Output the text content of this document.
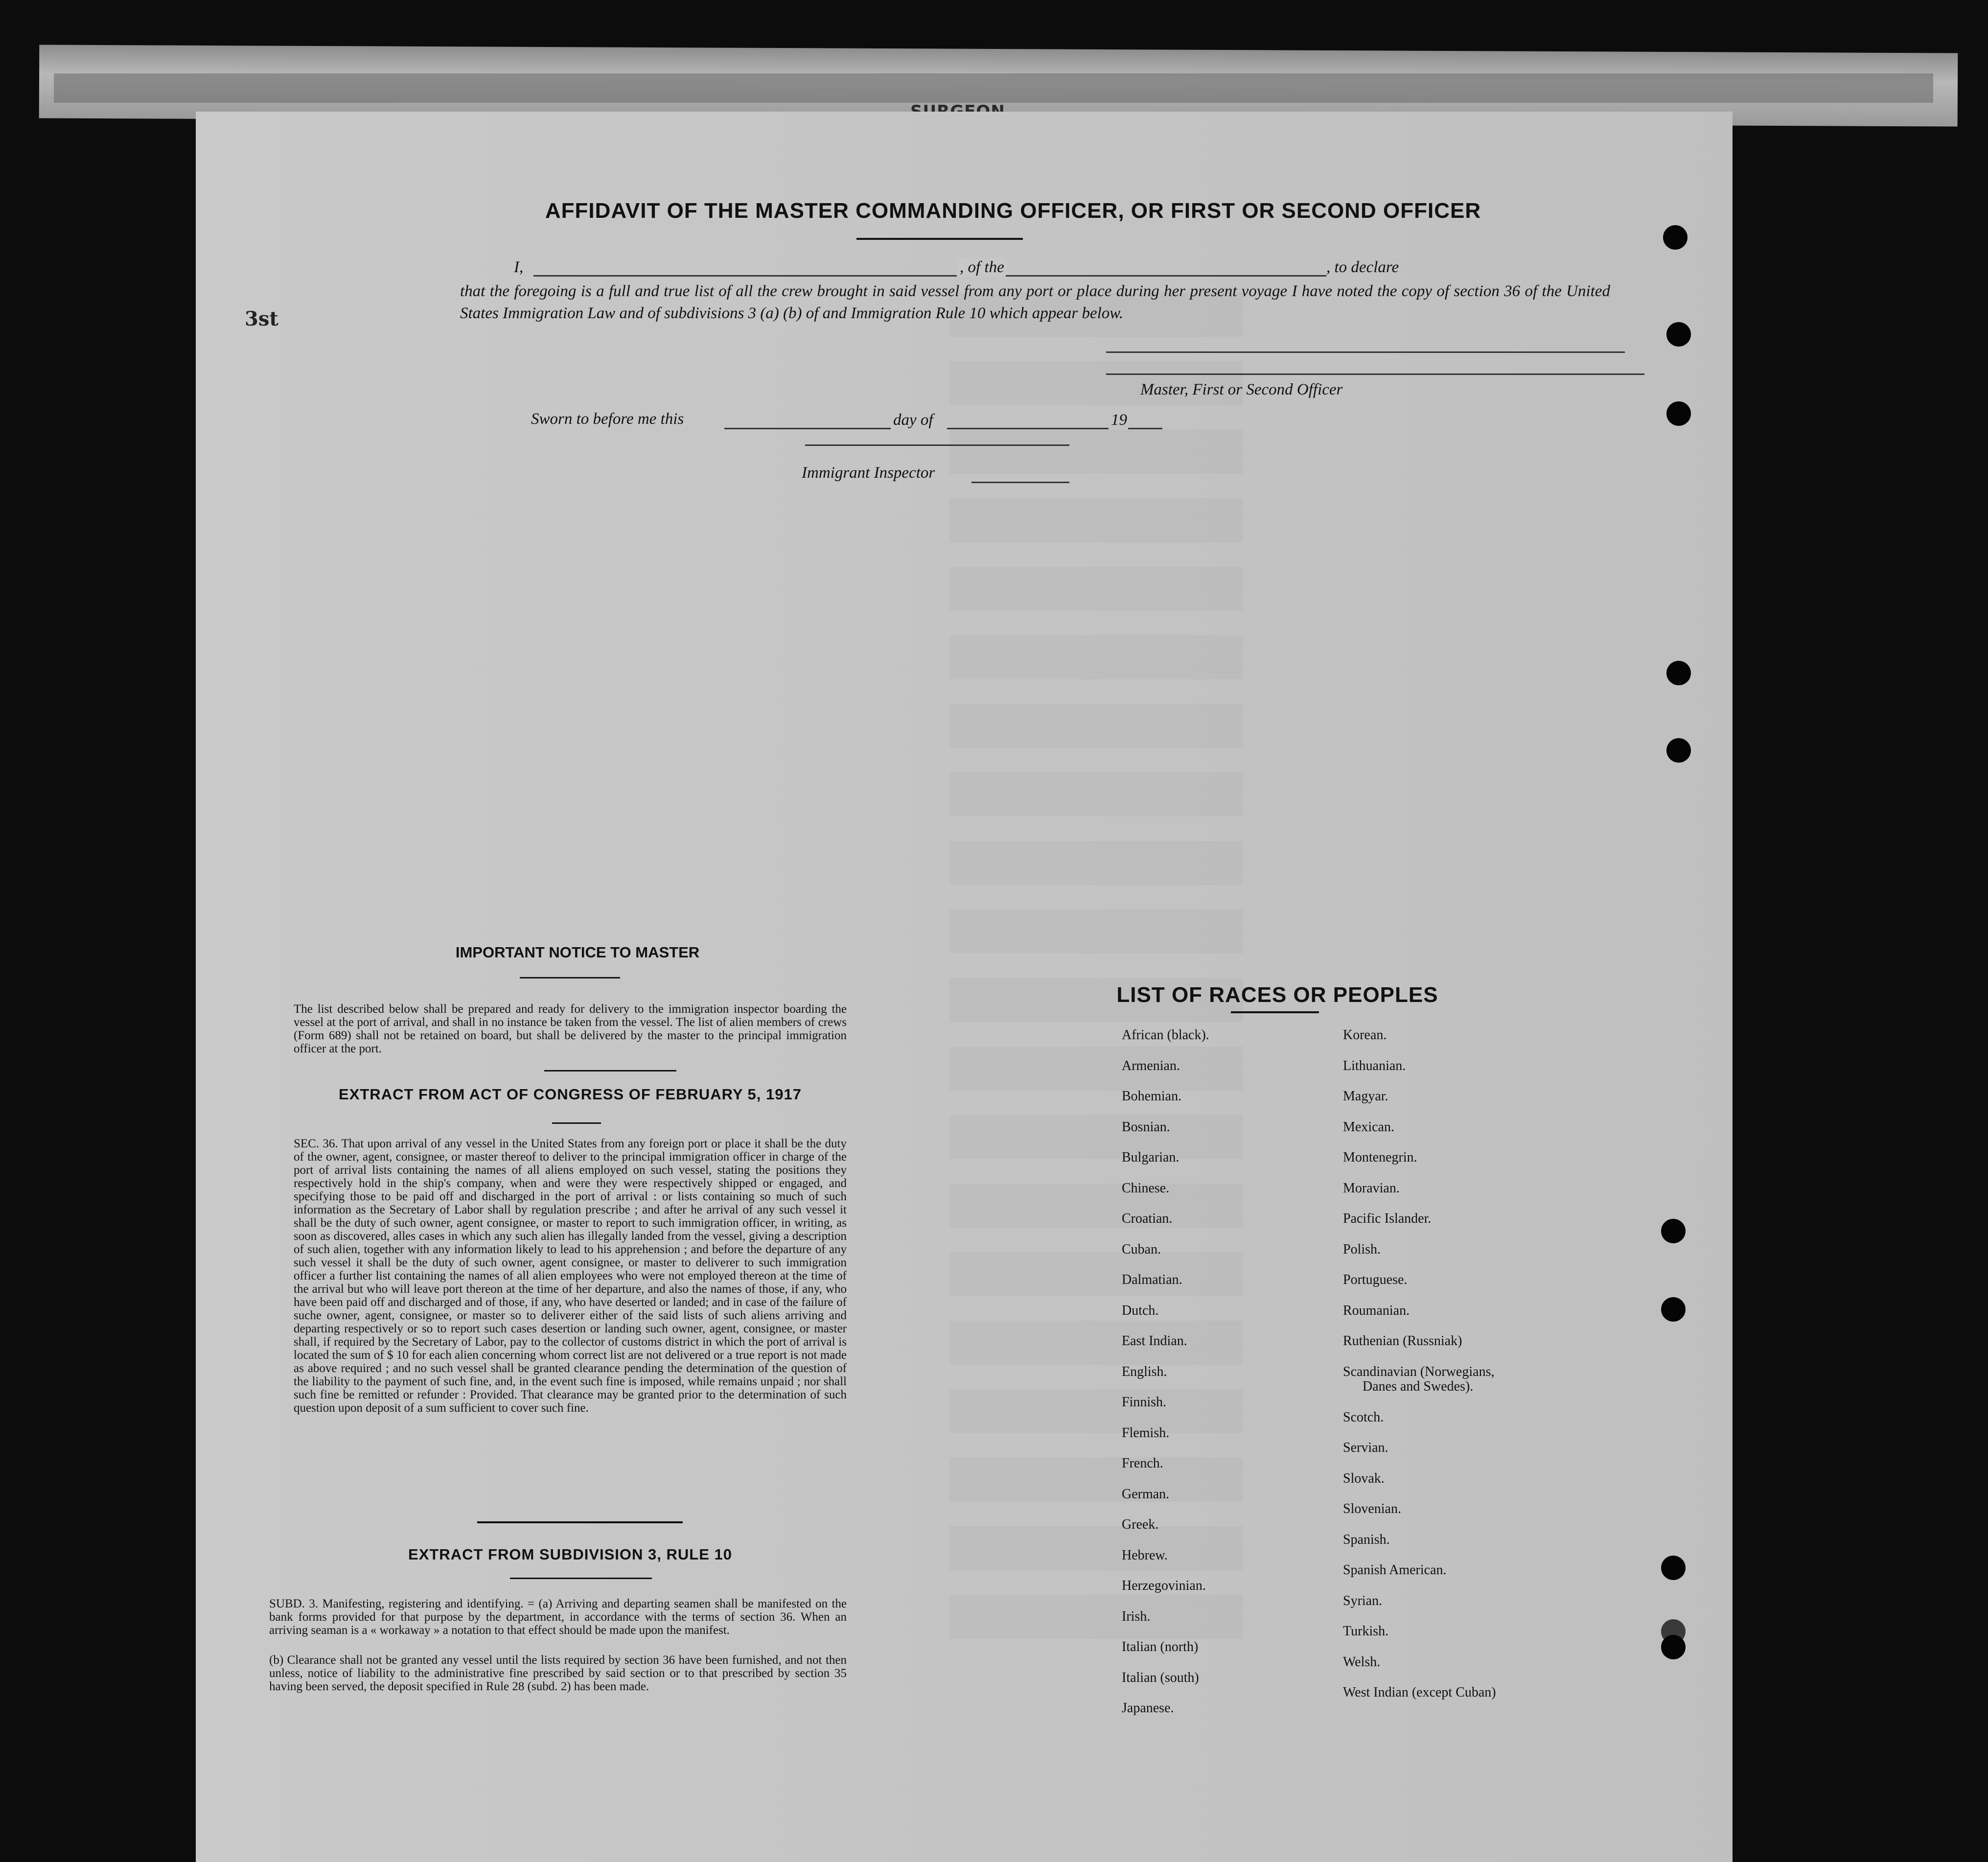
3st
AFFIDAVIT OF THE MASTER COMMANDING OFFICER, OR FIRST OR SECOND OFFICER
I,	, of the	, to declare
that the foregoing is a full and true list of all the crew brought in said vessel from any port or place during her present voyage I have noted the copy of section 36 of the United States Immigration Law and of subdivisions 3 (a) (b) of and Immigration Rule 10 which appear below.
Master, First or Second Officer
Sworn to before me this	day of	19
Immigrant Inspector
IMPORTANT NOTICE TO MASTER
The list described below shall be prepared and ready for delivery to the immigration inspector boarding the vessel at the port of arrival, and shall in no instance be taken from the vessel. The list of alien members of crews (Form 689) shall not be retained on board, but shall be delivered by the master to the principal immigration officer at the port.
EXTRACT FROM ACT OF CONGRESS OF FEBRUARY 5, 1917
SEC. 36. That upon arrival of any vessel in the United States from any foreign port or place it shall be the duty of the owner, agent, consignee, or master thereof to deliver to the principal immigration officer in charge of the port of arrival lists containing the names of all aliens employed on such vessel, stating the positions they respectively hold in the ship's company, when and were they were respectively shipped or engaged, and specifying those to be paid off and discharged in the port of arrival : or lists containing so much of such information as the Secretary of Labor shall by regulation prescribe ; and after he arrival of any such vessel it shall be the duty of such owner, agent consignee, or master to report to such immigration officer, in writing, as soon as discovered, alles cases in which any such alien has illegally landed from the vessel, giving a description of such alien, together with any information likely to lead to his apprehension ; and before the departure of any such vessel it shall be the duty of such owner, agent consignee, or master to deliverer to such immigration officer a further list containing the names of all alien employees who were not employed thereon at the time of the arrival but who will leave port thereon at the time of her departure, and also the names of those, if any, who have been paid off and discharged and of those, if any, who have deserted or landed; and in case of the failure of suche owner, agent, consignee, or master so to deliverer either of the said lists of such aliens arriving and departing respectively or so to report such cases desertion or landing such owner, agent, consignee, or master shall, if required by the Secretary of Labor, pay to the collector of customs district in which the port of arrival is located the sum of $ 10 for each alien concerning whom correct list are not delivered or a true report is not made as above required ; and no such vessel shall be granted clearance pending the determination of the question of the liability to the payment of such fine, and, in the event such fine is imposed, while remains unpaid ; nor shall such fine be remitted or refunder : Provided. That clearance may be granted prior to the determination of such question upon deposit of a sum sufficient to cover such fine.
EXTRACT FROM SUBDIVISION 3, RULE 10
SUBD. 3. Manifesting, registering and identifying. = (a) Arriving and departing seamen shall be manifested on the bank forms provided for that purpose by the department, in accordance with the terms of section 36. When an arriving seaman is a « workaway » a notation to that effect should be made upon the manifest.
(b) Clearance shall not be granted any vessel until the lists required by section 36 have been furnished, and not then unless, notice of liability to the administrative fine prescribed by said section or to that prescribed by section 35 having been served, the deposit specified in Rule 28 (subd. 2) has been made.
LIST OF RACES OR PEOPLES
African (black).
Armenian.
Bohemian.
Bosnian.
Bulgarian.
Chinese.
Croatian.
Cuban.
Dalmatian.
Dutch.
East Indian.
English.
Finnish.
Flemish.
French.
German.
Greek.
Hebrew.
Herzegovinian.
Irish.
Italian (north)
Italian (south)
Japanese.
Korean.
Lithuanian.
Magyar.
Mexican.
Montenegrin.
Moravian.
Pacific Islander.
Polish.
Portuguese.
Roumanian.
Ruthenian (Russniak)
Scandinavian (Norwegians,
Danes and Swedes).
Scotch.
Servian.
Slovak.
Slovenian.
Spanish.
Spanish American.
Syrian.
Turkish.
Welsh.
West Indian (except Cuban)
